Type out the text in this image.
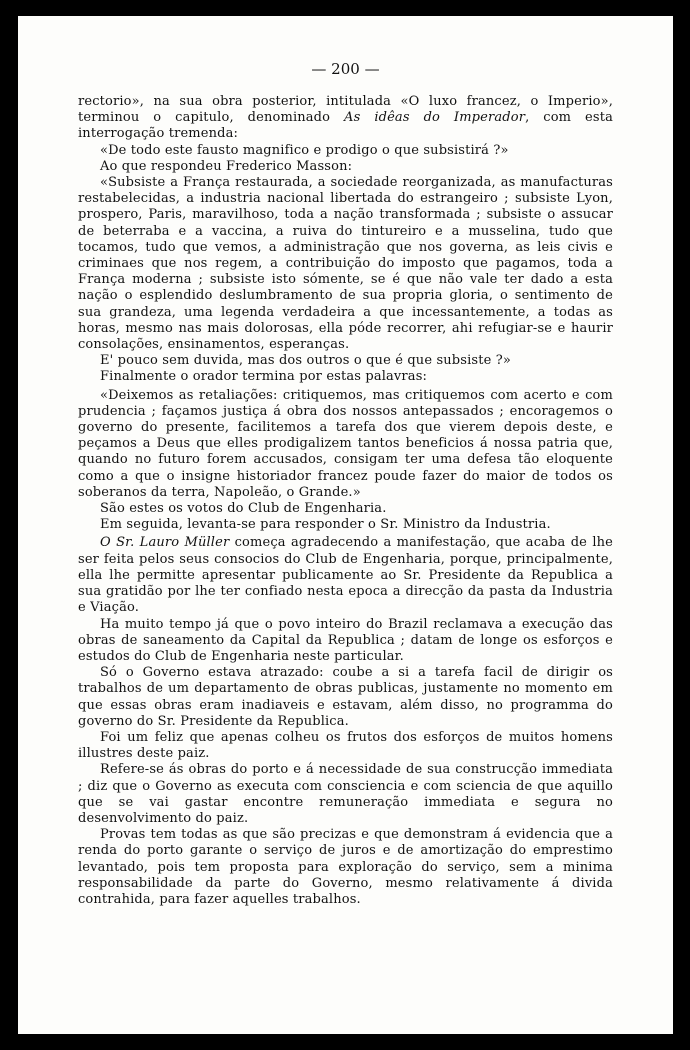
— 200 —

rectorio», na sua obra posterior, intitulada «O luxo francez, o Imperio», terminou o capitulo, denominado As idêas do Imperador, com esta interrogação tremenda:

«De todo este fausto magnifico e prodigo o que subsistirá ?»

Ao que respondeu Frederico Masson:

«Subsiste a França restaurada, a sociedade reorganizada, as manufacturas restabelecidas, a industria nacional libertada do estrangeiro ; subsiste Lyon, prospero, Paris, maravilhoso, toda a nação transformada ; subsiste o assucar de beterraba e a vaccina, a ruiva do tintureiro e a musselina, tudo que tocamos, tudo que vemos, a administração que nos governa, as leis civis e criminaes que nos regem, a contribuição do imposto que pagamos, toda a França moderna ; subsiste isto sómente, se é que não vale ter dado a esta nação o esplendido deslumbramento de sua propria gloria, o sentimento de sua grandeza, uma legenda verdadeira a que incessantemente, a todas as horas, mesmo nas mais dolorosas, ella póde recorrer, ahi refugiar-se e haurir consolações, ensinamentos, esperanças.

E' pouco sem duvida, mas dos outros o que é que subsiste ?»

Finalmente o orador termina por estas palavras:

«Deixemos as retaliações: critiquemos, mas critiquemos com acerto e com prudencia ; façamos justiça á obra dos nossos antepassados ; encoragemos o governo do presente, facilitemos a tarefa dos que vierem depois deste, e peçamos a Deus que elles prodigalizem tantos beneficios á nossa patria que, quando no futuro forem accusados, consigam ter uma defesa tão eloquente como a que o insigne historiador francez poude fazer do maior de todos os soberanos da terra, Napoleão, o Grande.»

São estes os votos do Club de Engenharia.

Em seguida, levanta-se para responder o Sr. Ministro da Industria.

O Sr. Lauro Müller começa agradecendo a manifestação, que acaba de lhe ser feita pelos seus consocios do Club de Engenharia, porque, principalmente, ella lhe permitte apresentar publicamente ao Sr. Presidente da Republica a sua gratidão por lhe ter confiado nesta epoca a direcção da pasta da Industria e Viação.

Ha muito tempo já que o povo inteiro do Brazil reclamava a execução das obras de saneamento da Capital da Republica ; datam de longe os esforços e estudos do Club de Engenharia neste particular.

Só o Governo estava atrazado: coube a si a tarefa facil de dirigir os trabalhos de um departamento de obras publicas, justamente no momento em que essas obras eram inadiaveis e estavam, além disso, no programma do governo do Sr. Presidente da Republica.

Foi um feliz que apenas colheu os frutos dos esforços de muitos homens illustres deste paiz.

Refere-se ás obras do porto e á necessidade de sua construcção immediata ; diz que o Governo as executa com consciencia e com sciencia de que aquillo que se vai gastar encontre remuneração immediata e segura no desenvolvimento do paiz.

Provas tem todas as que são precizas e que demonstram á evidencia que a renda do porto garante o serviço de juros e de amortização do emprestimo levantado, pois tem proposta para exploração do serviço, sem a minima responsabilidade da parte do Governo, mesmo relativamente á divida contrahida, para fazer aquelles trabalhos.
